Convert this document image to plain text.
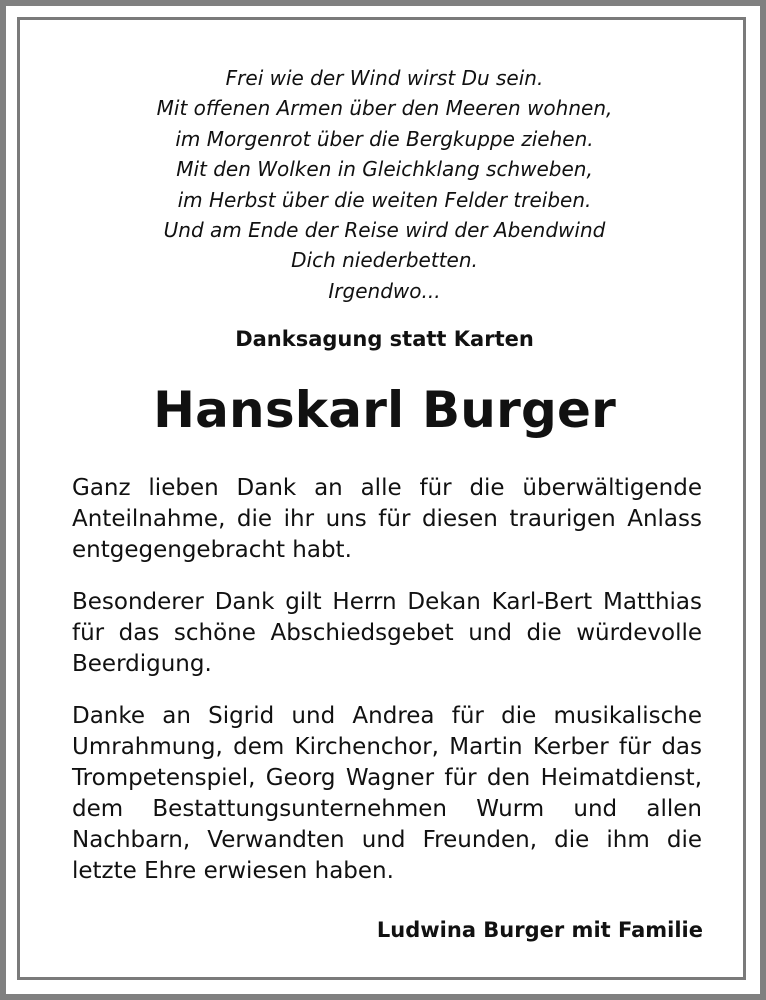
Frei wie der Wind wirst Du sein.
Mit offenen Armen über den Meeren wohnen,
im Morgenrot über die Bergkuppe ziehen.
Mit den Wolken in Gleichklang schweben,
im Herbst über die weiten Felder treiben.
Und am Ende der Reise wird der Abendwind
Dich niederbetten.
Irgendwo...
Danksagung statt Karten
Hanskarl Burger
Ganz lieben Dank an alle für die überwältigende Anteilnahme, die ihr uns für diesen traurigen Anlass entgegengebracht habt.
Besonderer Dank gilt Herrn Dekan Karl-Bert Matthias für das schöne Abschiedsgebet und die würdevolle Beerdigung.
Danke an Sigrid und Andrea für die musikalische Umrahmung, dem Kirchenchor, Martin Kerber für das Trompetenspiel, Georg Wagner für den Heimatdienst, dem Bestattungsunternehmen Wurm und allen Nachbarn, Verwandten und Freunden, die ihm die letzte Ehre erwiesen haben.
Ludwina Burger mit Familie
